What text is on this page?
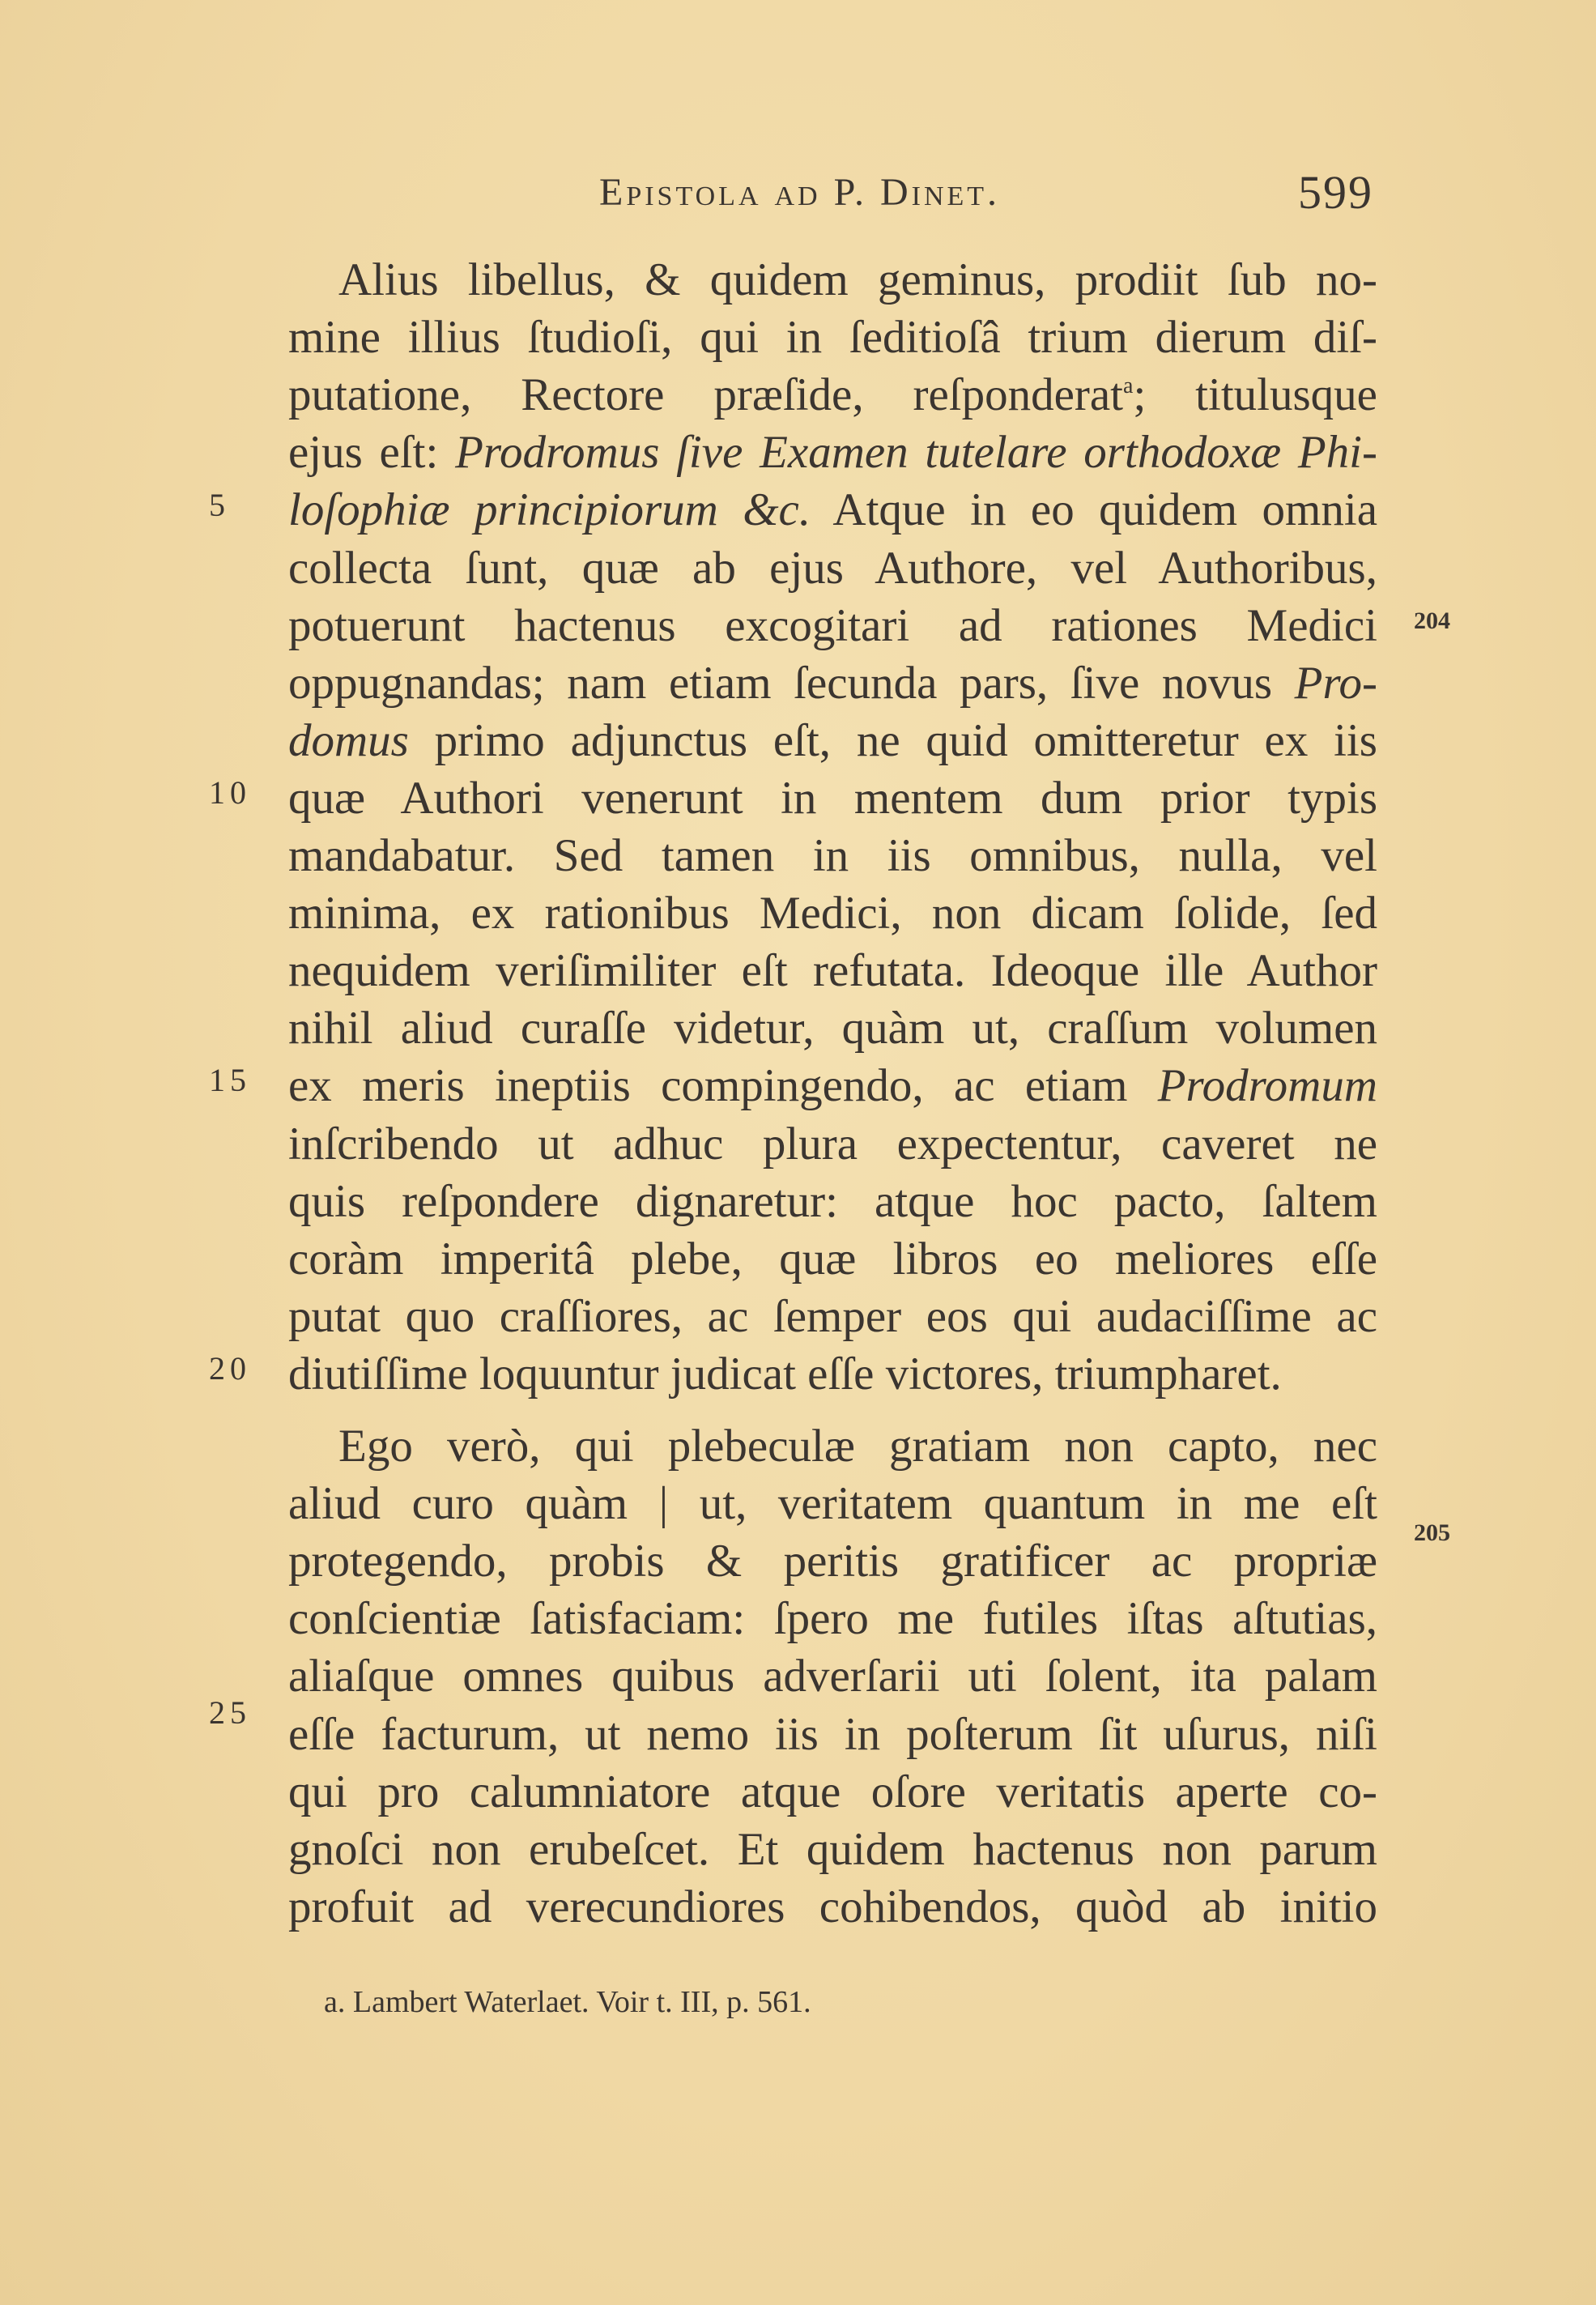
Epistola ad P. Dinet.	599
Alius libellus, & quidem geminus, prodiit ſub no-
mine illius ſtudioſi, qui in ſeditioſâ trium dierum diſ-
putatione, Rectore præſide, reſponderat$^a$; titulusque
ejus eſt: Prodromus ſive Examen tutelare orthodoxæ Phi-
loſophiæ principiorum &c. Atque in eo quidem omnia
collecta ſunt, quæ ab ejus Authore, vel Authoribus,
potuerunt hactenus excogitari ad rationes Medici
oppugnandas; nam etiam ſecunda pars, ſive novus Pro-
domus primo adjunctus eſt, ne quid omitteretur ex iis
quæ Authori venerunt in mentem dum prior typis
mandabatur. Sed tamen in iis omnibus, nulla, vel
minima, ex rationibus Medici, non dicam ſolide, ſed
nequidem veriſimiliter eſt refutata. Ideoque ille Author
nihil aliud curaſſe videtur, quàm ut, craſſum volumen
ex meris ineptiis compingendo, ac etiam Prodromum
inſcribendo ut adhuc plura expectentur, caveret ne
quis reſpondere dignaretur: atque hoc pacto, ſaltem
coràm imperitâ plebe, quæ libros eo meliores eſſe
putat quo craſſiores, ac ſemper eos qui audaciſſime ac
diutiſſime loquuntur judicat eſſe victores, triumpharet.
Ego verò, qui plebeculæ gratiam non capto, nec
aliud curo quàm | ut, veritatem quantum in me eſt
protegendo, probis & peritis gratificer ac propriæ
conſcientiæ ſatisfaciam: ſpero me futiles iſtas aſtutias,
aliaſque omnes quibus adverſarii uti ſolent, ita palam
eſſe facturum, ut nemo iis in poſterum ſit uſurus, niſi
qui pro calumniatore atque oſore veritatis aperte co-
gnoſci non erubeſcet. Et quidem hactenus non parum
profuit ad verecundiores cohibendos, quòd ab initio
5
10
15
20
25
204
205
a. Lambert Waterlaet. Voir t. III, p. 561.
